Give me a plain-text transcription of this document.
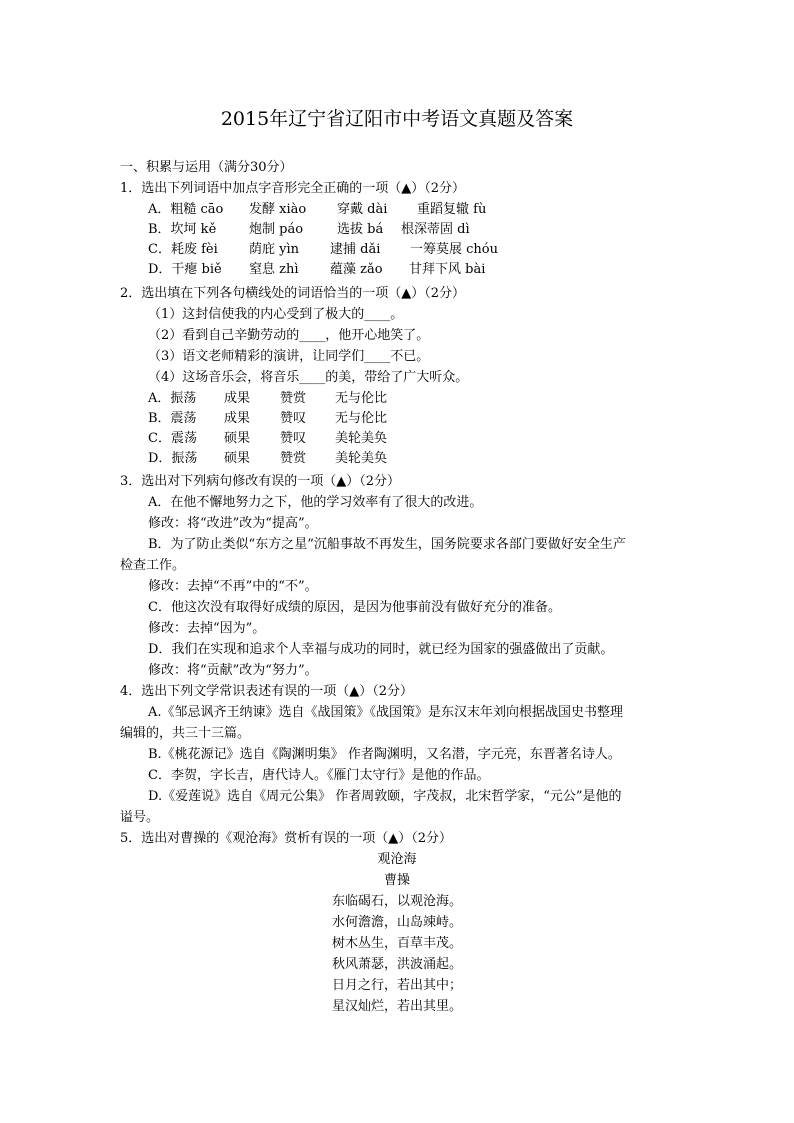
2015年辽宁省辽阳市中考语文真题及答案
一、积累与运用（满分30分）
1．选出下列词语中加点字音形完全正确的一项（▲）（2分）
A．粗糙 cāo 发酵 xiào 穿戴 dài 重蹈复辙 fù
B．坎坷 kě	炮制 páo	选拔 bá 根深蒂固 dì
C．耗废 fèi 荫庇 yìn 逮捕 dǎi 一筹莫展 chóu
D．干瘪 biě 窒息 zhì 蕴藻 zǎo 甘拜下风 bài
2．选出填在下列各句横线处的词语恰当的一项（▲）（2分）
（1）这封信使我的内心受到了极大的____。
（2）看到自己辛勤劳动的____，他开心地笑了。
（3）语文老师精彩的演讲，让同学们____不已。
（4）这场音乐会，将音乐____的美，带给了广大听众。
A．振荡 成果 赞赏 无与伦比
B．震荡 成果 赞叹 无与伦比
C．震荡 硕果 赞叹 美轮美奂
D．振荡 硕果 赞赏 美轮美奂
3．选出对下列病句修改有误的一项（▲）（2分）
A．在他不懈地努力之下，他的学习效率有了很大的改进。
修改：将“改进”改为“提高”。
B．为了防止类似“东方之星”沉船事故不再发生，国务院要求各部门要做好安全生产
检查工作。
修改：去掉“不再”中的“不”。
C．他这次没有取得好成绩的原因，是因为他事前没有做好充分的准备。
修改：去掉“因为”。
D．我们在实现和追求个人幸福与成功的同时，就已经为国家的强盛做出了贡献。
修改：将“贡献”改为“努力”。
4．选出下列文学常识表述有误的一项（▲）（2分）
A.《邹忌讽齐王纳谏》选自《战国策》《战国策》是东汉末年刘向根据战国史书整理
编辑的，共三十三篇。
B.《桃花源记》选自《陶渊明集》 作者陶渊明，又名潜，字元亮，东晋著名诗人。
C．李贺，字长吉，唐代诗人。《雁门太守行》是他的作品。
D.《爱莲说》选自《周元公集》 作者周敦颐，字茂叔，北宋哲学家，“元公”是他的
谥号。
5．选出对曹操的《观沧海》赏析有误的一项（▲）（2分）
观沧海
曹操
东临碣石，以观沧海。
水何澹澹，山岛竦峙。
树木丛生，百草丰茂。
秋风萧瑟，洪波涌起。
日月之行，若出其中；
星汉灿烂，若出其里。
